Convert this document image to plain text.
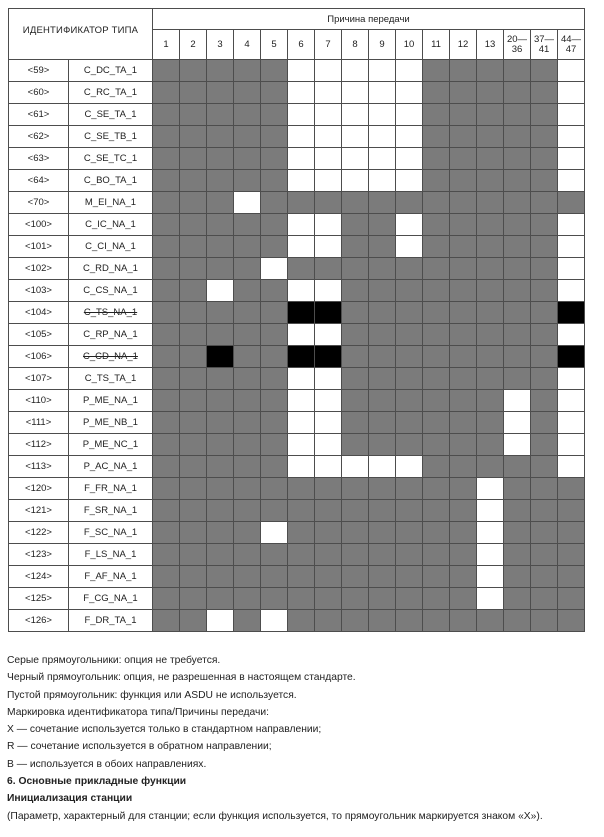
ИДЕНТИФИКАТОР ТИПА		Причина передачи															
		1	2	3	4	5	6	7	8	9	10	11	12	13	20—36	37—41	44—47
<59>	C_DC_TA_1																
<60>	C_RC_TA_1																
<61>	C_SE_TA_1																
<62>	C_SE_TB_1																
<63>	C_SE_TC_1																
<64>	C_BO_TA_1																
<70>	M_EI_NA_1																
<100>	C_IC_NA_1																
<101>	C_CI_NA_1																
<102>	C_RD_NA_1																
<103>	C_CS_NA_1																
<104>	C_TS_NA_1																
<105>	C_RP_NA_1																
<106>	C_CD_NA_1																
<107>	C_TS_TA_1																
<110>	P_ME_NA_1																
<111>	P_ME_NB_1																
<112>	P_ME_NC_1																
<113>	P_AC_NA_1																
<120>	F_FR_NA_1																
<121>	F_SR_NA_1																
<122>	F_SC_NA_1																
<123>	F_LS_NA_1																
<124>	F_AF_NA_1																
<125>	F_CG_NA_1																
<126>	F_DR_TA_1																

Серые прямоугольники: опция не требуется.

Черный прямоугольник: опция, не разрешенная в настоящем стандарте.

Пустой прямоугольник: функция или ASDU не используется.

Маркировка идентификатора типа/Причины передачи:

X — сочетание используется только в стандартном направлении;

R — сочетание используется в обратном направлении;

B — используется в обоих направлениях.

6. Основные прикладные функции

Инициализация станции

(Параметр, характерный для станции; если функция используется, то прямоугольник маркируется знаком «X»).
